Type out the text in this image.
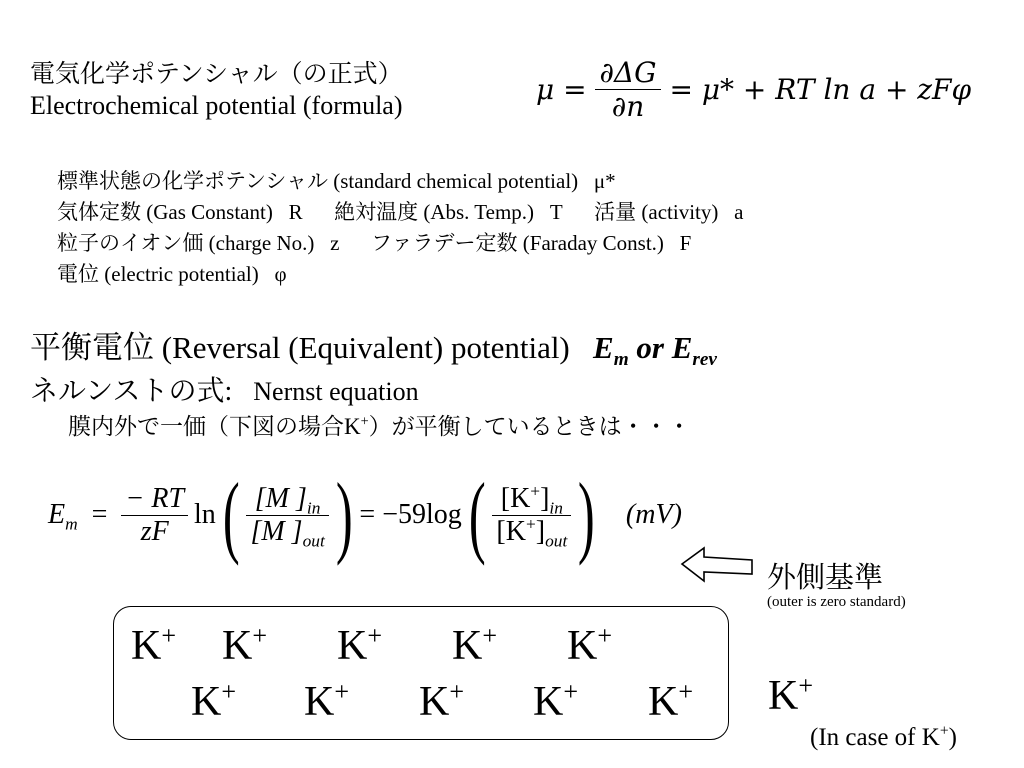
電気化学ポテンシャル（の正式）
Electrochemical potential (formula)	$\mu = \frac{\partial\Delta G}{\partial n} = \mu*$ + RT ln a + zFφ
標準状態の化学ポテンシャル (standard chemical potential) μ*
気体定数 (Gas Constant) R 絶対温度 (Abs. Temp.) T 活量 (activity) a
粒子のイオン価 (charge No.) z ファラデー定数 (Faraday Const.) F
電位 (electric potential) φ
平衡電位 (Reversal (Equivalent) potential) $E_m$ or $E_{rev}$
ネルンストの式: Nernst equation
膜内外で一価（下図の場合K+）が平衡しているときは・・・
$E_m = \frac{- RT}{zF}$ ln ( $\frac{[M ]_{in}}{[M ]_{out}}$ ) = −59log ( $\frac{[K^+]_{in}}{[K^+]_{out}}$ ) (mV)
外側基準
(outer is zero standard)
K+ K+ K+ K+ K+
K+ K+ K+ K+ K+ K+
(In case of K+)
